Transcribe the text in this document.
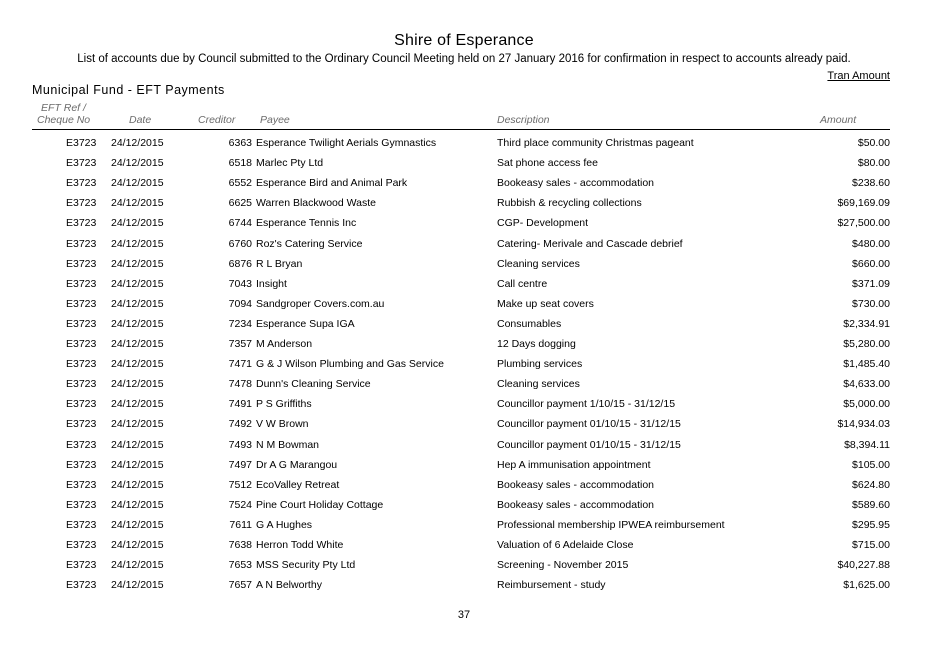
Shire of Esperance
List of accounts due by Council submitted to the Ordinary Council Meeting held on 27 January 2016 for confirmation in respect to accounts already paid.
Tran Amount
Municipal Fund - EFT Payments
EFT Ref /
Cheque No	Date	Creditor Payee	Description	Amount
E3723 24/12/2015	6363 Esperance Twilight Aerials Gymnastics	Third place community Christmas pageant	$50.00
E3723 24/12/2015	6518 Marlec Pty Ltd	Sat phone access fee	$80.00
E3723 24/12/2015	6552 Esperance Bird and Animal Park	Bookeasy sales - accommodation	$238.60
E3723 24/12/2015	6625 Warren Blackwood Waste	Rubbish & recycling collections	$69,169.09
E3723 24/12/2015	6744 Esperance Tennis Inc	CGP- Development	$27,500.00
E3723 24/12/2015	6760 Roz's Catering Service	Catering- Merivale and Cascade debrief	$480.00
E3723 24/12/2015	6876 R L Bryan	Cleaning services	$660.00
E3723 24/12/2015	7043 Insight	Call centre	$371.09
E3723 24/12/2015	7094 Sandgroper Covers.com.au	Make up seat covers	$730.00
E3723 24/12/2015	7234 Esperance Supa IGA	Consumables	$2,334.91
E3723 24/12/2015	7357 M Anderson	12 Days dogging	$5,280.00
E3723 24/12/2015	7471 G & J Wilson Plumbing and Gas Service	Plumbing services	$1,485.40
E3723 24/12/2015	7478 Dunn's Cleaning Service	Cleaning services	$4,633.00
E3723 24/12/2015	7491 P S Griffiths	Councillor payment 1/10/15 - 31/12/15	$5,000.00
E3723 24/12/2015	7492 V W Brown	Councillor payment 01/10/15 - 31/12/15	$14,934.03
E3723 24/12/2015	7493 N M Bowman	Councillor payment 01/10/15 - 31/12/15	$8,394.11
E3723 24/12/2015	7497 Dr A G Marangou	Hep A immunisation appointment	$105.00
E3723 24/12/2015	7512 EcoValley Retreat	Bookeasy sales - accommodation	$624.80
E3723 24/12/2015	7524 Pine Court Holiday Cottage	Bookeasy sales - accommodation	$589.60
E3723 24/12/2015	7611 G A Hughes	Professional membership IPWEA reimbursement	$295.95
E3723 24/12/2015	7638 Herron Todd White	Valuation of 6 Adelaide Close	$715.00
E3723 24/12/2015	7653 MSS Security Pty Ltd	Screening - November 2015	$40,227.88
E3723 24/12/2015	7657 A N Belworthy	Reimbursement - study	$1,625.00
37
